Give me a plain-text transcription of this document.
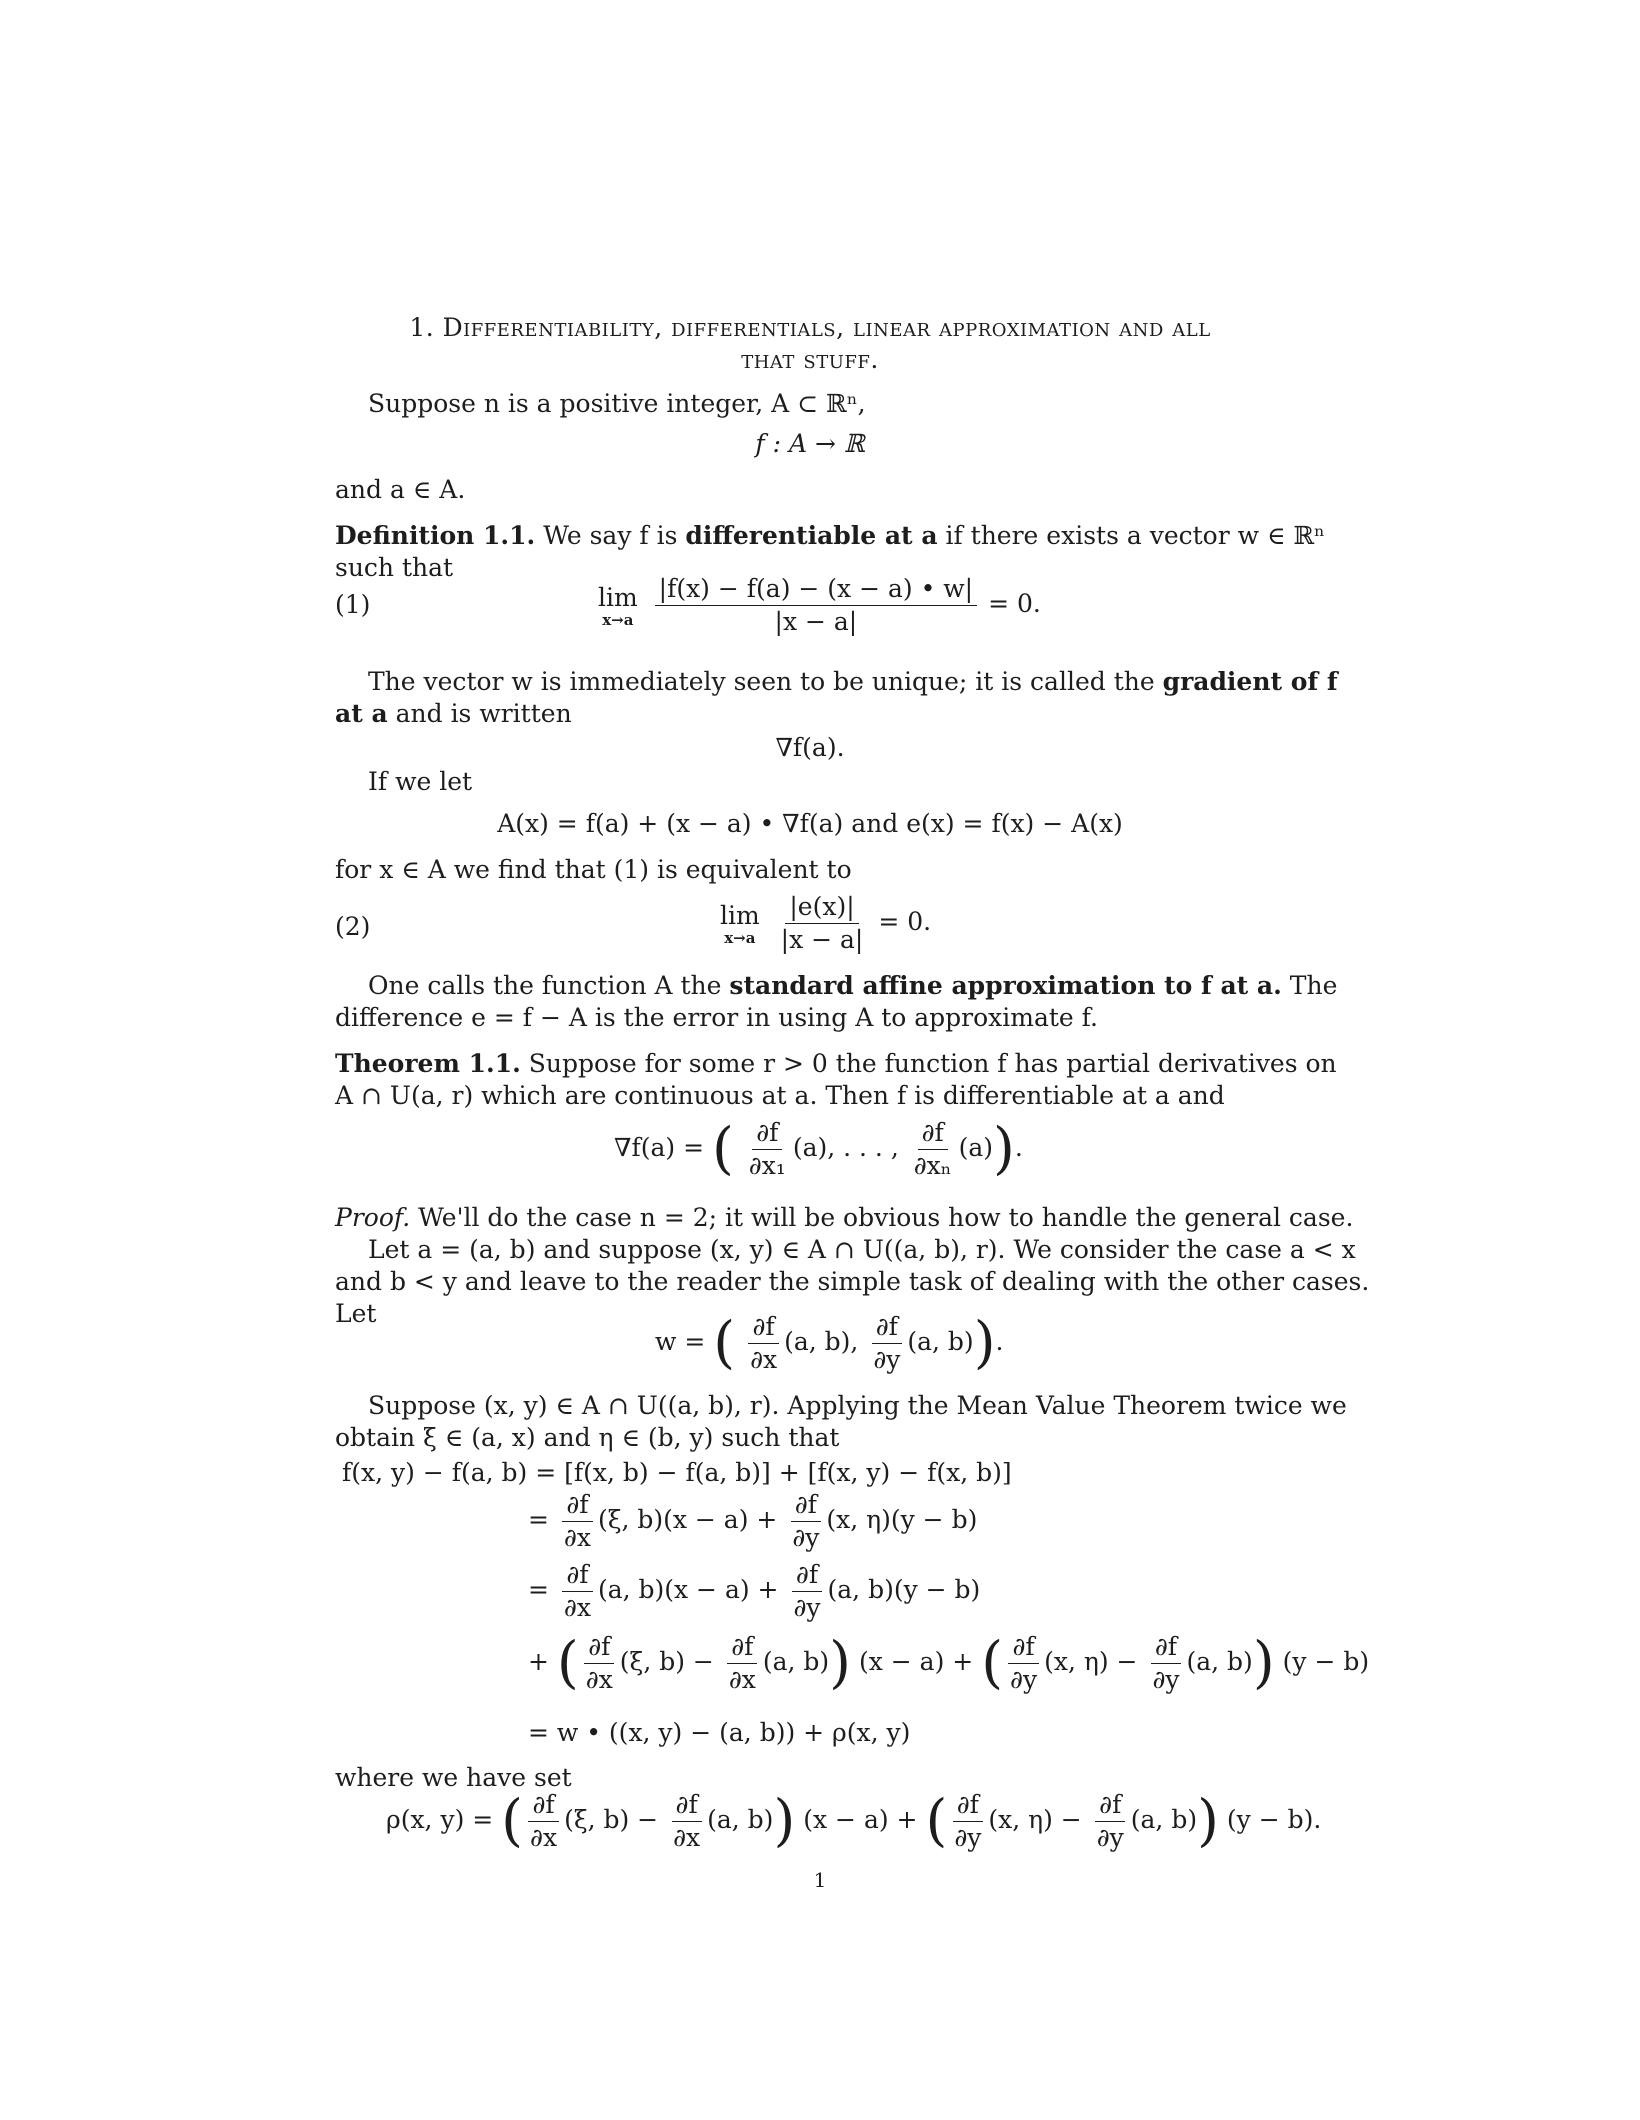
1. Differentiability, differentials, linear approximation and all
that stuff.
Suppose n is a positive integer, A ⊂ ℝⁿ,
f : A → ℝ
and a ∈ A.
Definition 1.1. We say f is differentiable at a if there exists a vector w ∈ ℝⁿ
such that
(1)	lim
x→a
$\frac{|f(x) - f(a) - (x - a) • w|}{|x - a|} = 0$.
The vector w is immediately seen to be unique; it is called the gradient of f
at a and is written
∇f(a).
If we let
A(x) = f(a) + (x − a) • ∇f(a) and e(x) = f(x) − A(x)
for x ∈ A we find that (1) is equivalent to
(2)	lim
x→a
$\frac{|e(x)|}{|x - a|} = 0$.
One calls the function A the standard affine approximation to f at a. The
difference e = f − A is the error in using A to approximate f.
Theorem 1.1. Suppose for some r > 0 the function f has partial derivatives on
A ∩ U(a, r) which are continuous at a. Then f is differentiable at a and
∇f(a) = ( $\frac{\partial f}{\text{∂x₁}} (a)$, . . . , $\frac{\partial f}{\text{∂xₙ}} (a)$).
Proof. We'll do the case n = 2; it will be obvious how to handle the general case.
Let a = (a, b) and suppose (x, y) ∈ A ∩ U((a, b), r). We consider the case a < x
and b < y and leave to the reader the simple task of dealing with the other cases.
Let
w = ( $\frac{\partial f}{\partial x} (a$, b), $\frac{\partial f}{\partial y} (a$, b)).
Suppose (x, y) ∈ A ∩ U((a, b), r). Applying the Mean Value Theorem twice we
obtain ξ ∈ (a, x) and η ∈ (b, y) such that
f(x, y) − f(a, b) = [f(x, b) − f(a, b)] + [f(x, y) − f(x, b)]
= $\frac{\partial f}{\partial x} (\xi$, $b)(x - a) + \frac{\partial f}{\partial y} (x$, η)(y − b)
= $\frac{\partial f}{\partial x} (a$, $b)(x - a) + \frac{\partial f}{\partial y} (a$, b)(y − b)
+ ( $\frac{\partial f}{\partial x} (\xi$, $b) - \frac{\partial f}{\partial x} (a$, b)) (x − a) + ( $\frac{\partial f}{\partial y} (x$, $\eta) - \frac{\partial f}{\partial y} (a$, b)) (y − b)
= w • ((x, y) − (a, b)) + ρ(x, y)
where we have set
ρ(x, y) = ( $\frac{\partial f}{\partial x} (\xi$, $b) - \frac{\partial f}{\partial x} (a$, b)) (x − a) + ( $\frac{\partial f}{\partial y} (x$, $\eta) - \frac{\partial f}{\partial y} (a$, b)) (y − b).
1
